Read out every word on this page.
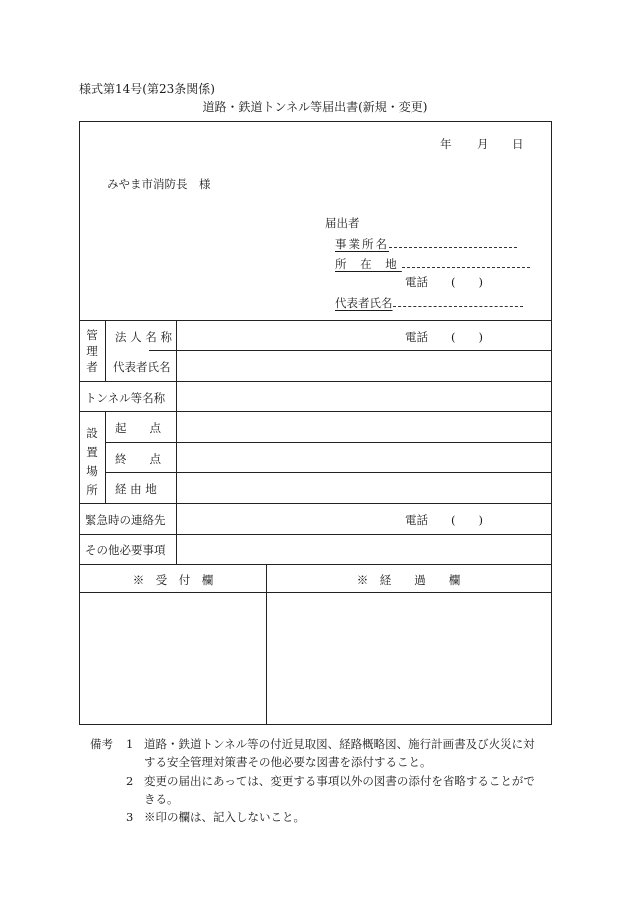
様式第14号(第23条関係)
道路・鉄道トンネル等届出書(新規・変更)
年 月 日
みやま市消防長　様
届出者
事業所名
所 在 地
電話　　(　　)
代表者氏名
管理者
法 人 名 称	電話　　(　　)
代表者氏名
トンネル等名称
設置場所
起　　点
終　　点
経 由 地
緊急時の連絡先	電話　　(　　)
その他必要事項
※　受　付　欄	※　経　　過　　欄
備考 1 道路・鉄道トンネル等の付近見取図、経路概略図、施行計画書及び火災に対
する安全管理対策書その他必要な図書を添付すること。
2 変更の届出にあっては、変更する事項以外の図書の添付を省略することがで
きる。
3 ※印の欄は、記入しないこと。
